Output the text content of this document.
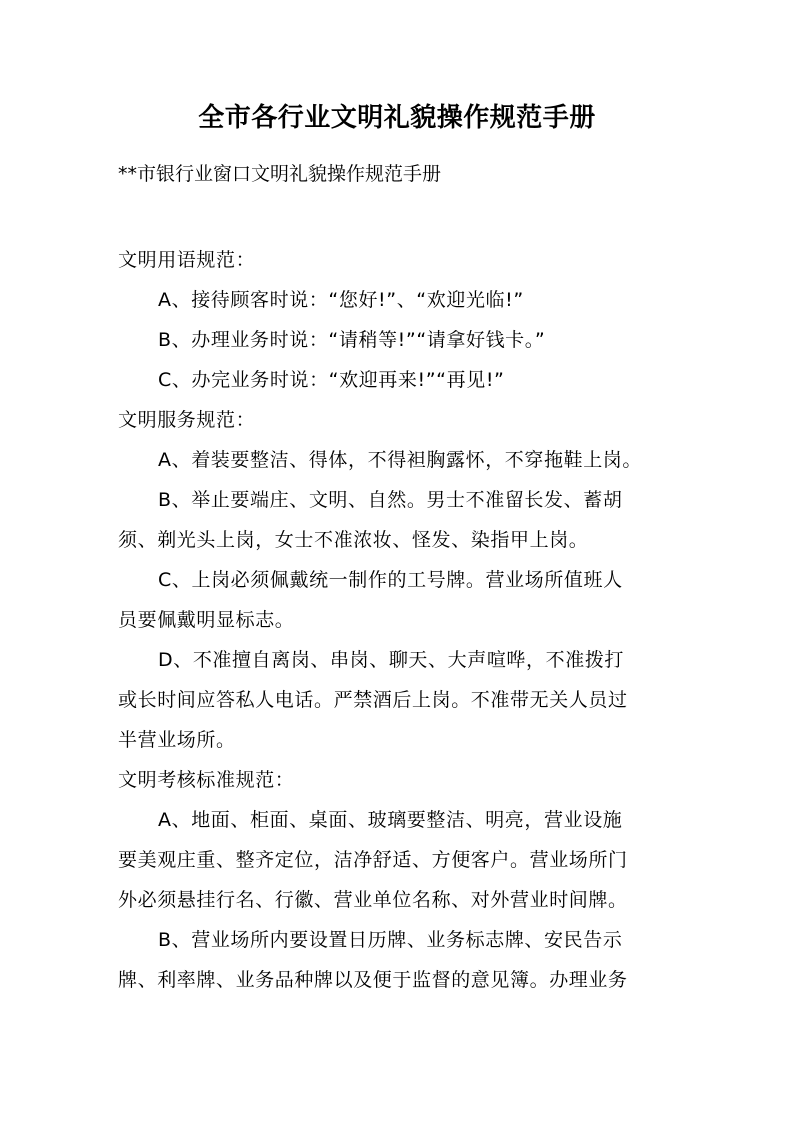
全市各行业文明礼貌操作规范手册
**市银行业窗口文明礼貌操作规范手册
文明用语规范：
A、接待顾客时说：“您好!”、“欢迎光临!”
B、办理业务时说：“请稍等!”“请拿好钱卡。”
C、办完业务时说：“欢迎再来!”“再见!”
文明服务规范：
A、着装要整洁、得体，不得袒胸露怀，不穿拖鞋上岗。
B、举止要端庄、文明、自然。男士不准留长发、蓄胡
须、剃光头上岗，女士不准浓妆、怪发、染指甲上岗。
C、上岗必须佩戴统一制作的工号牌。营业场所值班人
员要佩戴明显标志。
D、不准擅自离岗、串岗、聊天、大声喧哗，不准拨打
或长时间应答私人电话。严禁酒后上岗。不准带无关人员过
半营业场所。
文明考核标准规范：
A、地面、柜面、桌面、玻璃要整洁、明亮，营业设施
要美观庄重、整齐定位，洁净舒适、方便客户。营业场所门
外必须悬挂行名、行徽、营业单位名称、对外营业时间牌。
B、营业场所内要设置日历牌、业务标志牌、安民告示
牌、利率牌、业务品种牌以及便于监督的意见簿。办理业务
